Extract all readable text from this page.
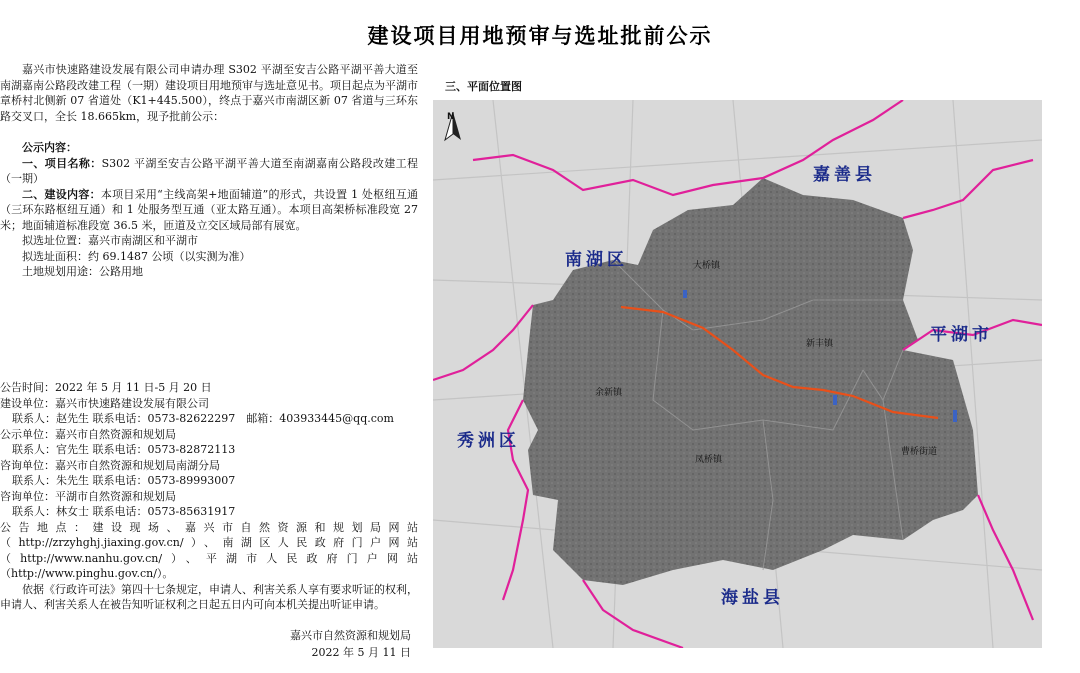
建设项目用地预审与选址批前公示

嘉兴市快速路建设发展有限公司申请办理 S302 平湖至安吉公路平湖平善大道至南湖嘉南公路段改建工程（一期）建设项目用地预审与选址意见书。项目起点为平湖市章桥村北侧新 07 省道处（K1+445.500），终点于嘉兴市南湖区新 07 省道与三环东路交叉口，全长 18.665km，现予批前公示：

公示内容：

一、项目名称：S302 平湖至安吉公路平湖平善大道至南湖嘉南公路段改建工程（一期）

二、建设内容：本项目采用“主线高架+地面辅道”的形式，共设置 1 处枢纽互通（三环东路枢纽互通）和 1 处服务型互通（亚太路互通）。本项目高架桥标准段宽 27 米；地面辅道标准段宽 36.5 米，匝道及立交区域局部有展宽。

拟选址位置：嘉兴市南湖区和平湖市
拟选址面积：约 69.1487 公顷（以实测为准）
土地规划用途：公路用地
公告时间：2022 年 5 月 11 日-5 月 20 日
建设单位：嘉兴市快速路建设发展有限公司
联系人：赵先生 联系电话：0573-82622297　邮箱：403933445@qq.com
公示单位：嘉兴市自然资源和规划局
联系人：官先生 联系电话：0573-82872113
咨询单位：嘉兴市自然资源和规划局南湖分局
联系人：朱先生 联系电话：0573-89993007
咨询单位：平湖市自然资源和规划局
联系人：林女士 联系电话：0573-85631917
公告地点：建设现场、嘉兴市自然资源和规划局网站（http://zrzyhghj.jiaxing.gov.cn/）、南湖区人民政府门户网站（http://www.nanhu.gov.cn/）、平湖市人民政府门户网站（http://www.pinghu.gov.cn/）。
依据《行政许可法》第四十七条规定，申请人、利害关系人享有要求听证的权利，申请人、利害关系人在被告知听证权利之日起五日内可向本机关提出听证申请。
嘉兴市自然资源和规划局
2022 年 5 月 11 日
三、平面位置图
N
嘉善县
南湖区
平湖市
秀洲区
海盐县
大桥镇
新丰镇
余新镇
凤桥镇
曹桥街道
